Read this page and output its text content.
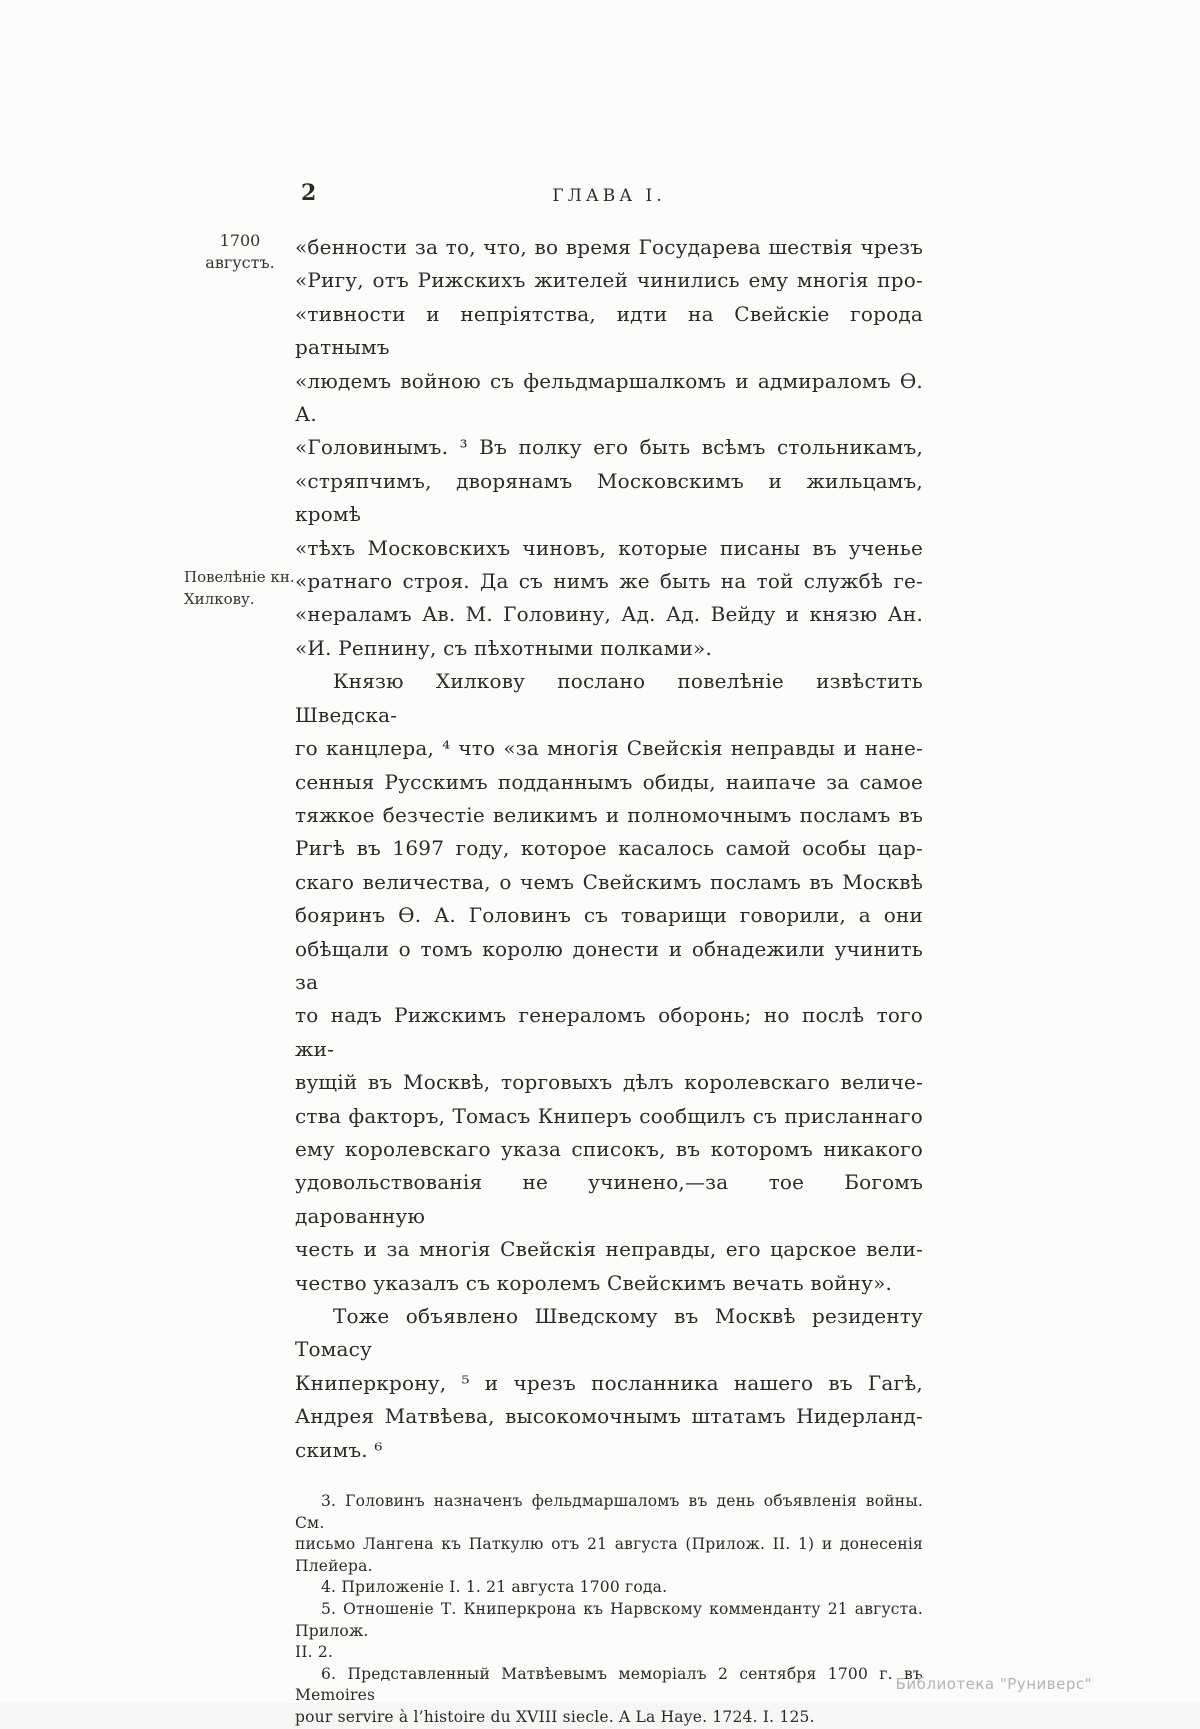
1700
августъ.
Повелѣніе кн.
Хилкову.
2	ГЛАВА I.
«бенности за то, что, во время Государева шествія чрезъ
«Ригу, отъ Рижскихъ жителей чинились ему многія про-
«тивности и непріятства, идти на Свейскіе города ратнымъ
«людемъ войною съ фельдмаршалкомъ и адмираломъ Ѳ. А.
«Головинымъ. ³ Въ полку его быть всѣмъ стольникамъ,
«стряпчимъ, дворянамъ Московскимъ и жильцамъ, кромѣ
«тѣхъ Московскихъ чиновъ, которые писаны въ ученье
«ратнаго строя. Да съ нимъ же быть на той службѣ ге-
«нераламъ Ав. М. Головину, Ад. Ад. Вейду и князю Ан.
«И. Репнину, съ пѣхотными полками».
Князю Хилкову послано повелѣніе извѣстить Шведска-
го канцлера, ⁴ что «за многія Свейскія неправды и нане-
сенныя Русскимъ подданнымъ обиды, наипаче за самое
тяжкое безчестіе великимъ и полномочнымъ посламъ въ
Ригѣ въ 1697 году, которое касалось самой особы цар-
скаго величества, о чемъ Свейскимъ посламъ въ Москвѣ
бояринъ Ѳ. А. Головинъ съ товарищи говорили, а они
обѣщали о томъ королю донести и обнадежили учинить за
то надъ Рижскимъ генераломъ оборонь; но послѣ того жи-
вущій въ Москвѣ, торговыхъ дѣлъ королевскаго величе-
ства факторъ, Томасъ Книперъ сообщилъ съ присланнаго
ему королевскаго указа списокъ, въ которомъ никакого
удовольствованія не учинено,—за тое Богомъ дарованную
честь и за многія Свейскія неправды, его царское вели-
чество указалъ съ королемъ Свейскимъ вечать войну».
Тоже объявлено Шведскому въ Москвѣ резиденту Томасу
Книперкрону, ⁵ и чрезъ посланника нашего въ Гагѣ,
Андрея Матвѣева, высокомочнымъ штатамъ Нидерланд-
скимъ. ⁶
3. Головинъ назначенъ фельдмаршаломъ въ день объявленія войны. См.
письмо Лангена къ Паткулю отъ 21 августа (Прилож. II. 1) и донесенія
Плейера.
4. Приложеніе I. 1. 21 августа 1700 года.
5. Отношеніе Т. Книперкрона къ Нарвскому комменданту 21 августа. Прилож.
II. 2.
6. Представленный Матвѣевымъ меморіалъ 2 сентября 1700 г. въ Memoires
pour servire à l’histoire du XVIII siecle. A La Haye. 1724. I. 125.
Библиотека "Руниверс"
